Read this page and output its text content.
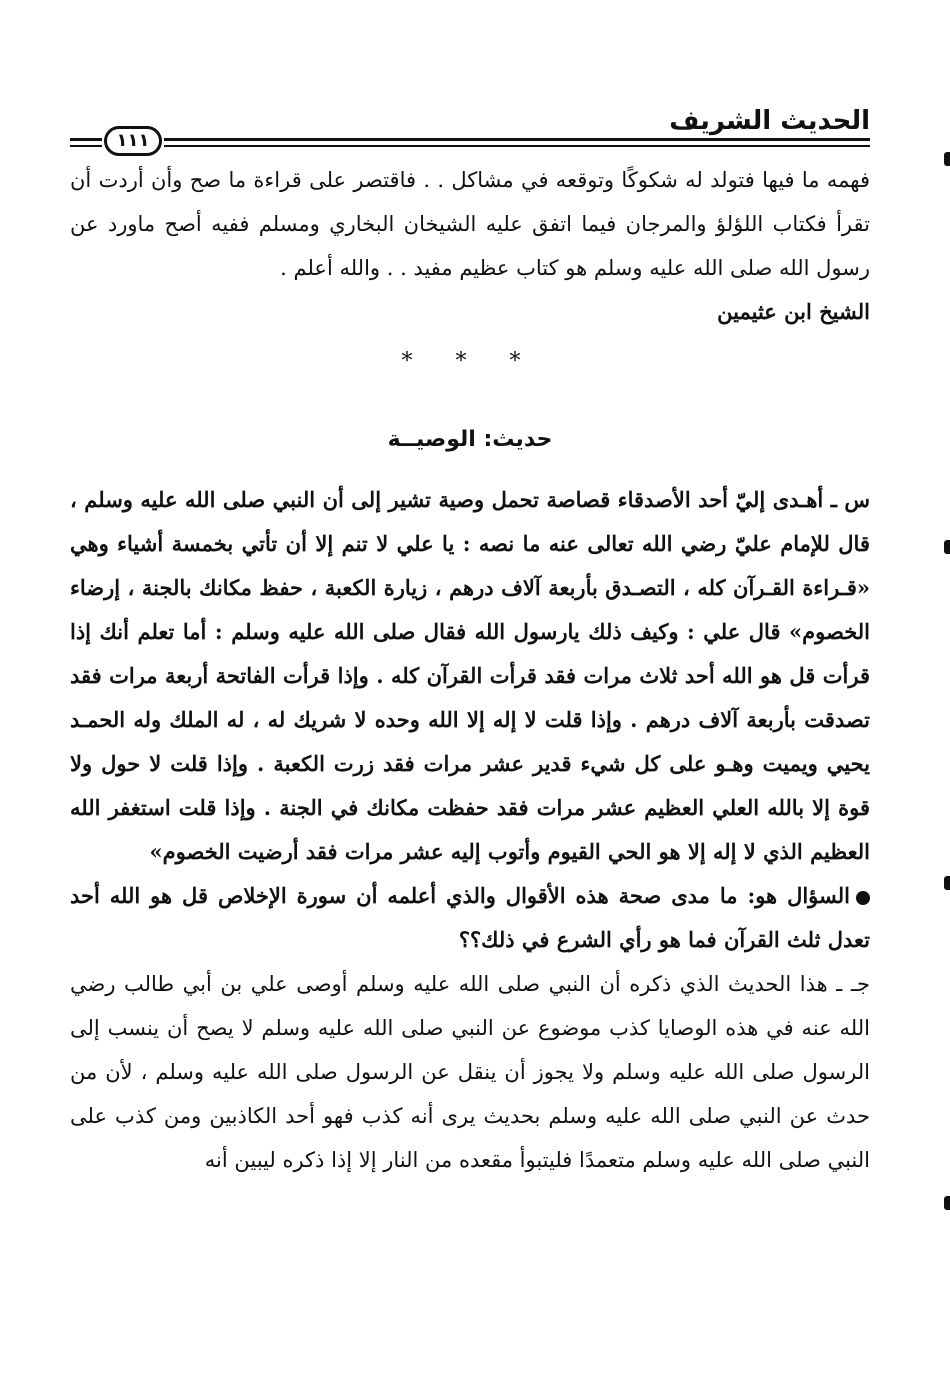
الحديث الشريف
١١١

فهمه ما فيها فتولد له شكوكًا وتوقعه في مشاكل . . فاقتصر على قراءة ما صح وأن أردت أن تقرأ فكتاب اللؤلؤ والمرجان فيما اتفق عليه الشيخان البخاري ومسلم ففيه أصح ماورد عن رسول الله صلى الله عليه وسلم هو كتاب عظيم مفيد . . والله أعلم .

الشيخ ابن عثيمين

* * *
حديث: الوصيــة

س ـ أهـدى إليّ أحد الأصدقاء قصاصة تحمل وصية تشير إلى أن النبي صلى الله عليه وسلم ، قال للإمام عليّ رضي الله تعالى عنه ما نصه : يا علي لا تنم إلا أن تأتي بخمسة أشياء وهي «قـراءة القـرآن كله ، التصـدق بأربعة آلاف درهم ، زيارة الكعبة ، حفظ مكانك بالجنة ، إرضاء الخصوم» قال علي : وكيف ذلك يارسول الله فقال صلى الله عليه وسلم : أما تعلم أنك إذا قرأت قل هو الله أحد ثلاث مرات فقد قرأت القرآن كله . وإذا قرأت الفاتحة أربعة مرات فقد تصدقت بأربعة آلاف درهم . وإذا قلت لا إله إلا الله وحده لا شريك له ، له الملك وله الحمـد يحيي ويميت وهـو على كل شيء قدير عشر مرات فقد زرت الكعبة . وإذا قلت لا حول ولا قوة إلا بالله العلي العظيم عشر مرات فقد حفظت مكانك في الجنة . وإذا قلت استغفر الله العظيم الذي لا إله إلا هو الحي القيوم وأتوب إليه عشر مرات فقد أرضيت الخصوم»

السؤال هو: ما مدى صحة هذه الأقوال والذي أعلمه أن سورة الإخلاص قل هو الله أحد تعدل ثلث القرآن فما هو رأي الشرع في ذلك؟؟

جـ ـ هذا الحديث الذي ذكره أن النبي صلى الله عليه وسلم أوصى علي بن أبي طالب رضي الله عنه في هذه الوصايا كذب موضوع عن النبي صلى الله عليه وسلم لا يصح أن ينسب إلى الرسول صلى الله عليه وسلم ولا يجوز أن ينقل عن الرسول صلى الله عليه وسلم ، لأن من حدث عن النبي صلى الله عليه وسلم بحديث يرى أنه كذب فهو أحد الكاذبين ومن كذب على النبي صلى الله عليه وسلم متعمدًا فليتبوأ مقعده من النار إلا إذا ذكره ليبين أنه
